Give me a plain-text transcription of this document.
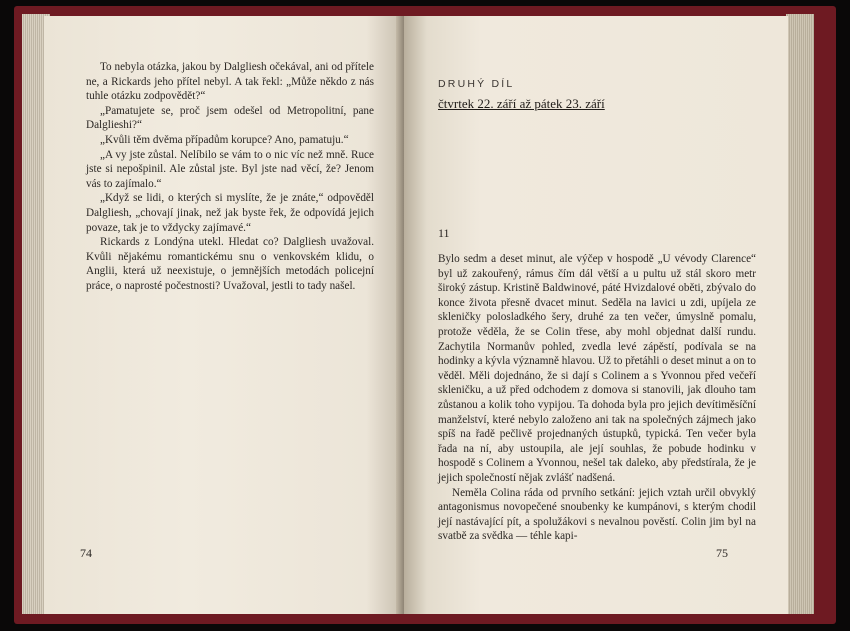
To nebyla otázka, jakou by Dalgliesh očekával, ani od přítele ne, a Rickards jeho přítel nebyl. A tak řekl: „Může někdo z nás tuhle otázku zodpovědět?“

„Pamatujete se, proč jsem odešel od Metropolitní, pane Dalglieshi?“

„Kvůli těm dvěma případům korupce? Ano, pamatuju.“

„A vy jste zůstal. Nelíbilo se vám to o nic víc než mně. Ruce jste si nepošpinil. Ale zůstal jste. Byl jste nad věcí, že? Jenom vás to zajímalo.“

„Když se lidi, o kterých si myslíte, že je znáte,“ odpověděl Dalgliesh, „chovají jinak, než jak byste řek, že odpovídá jejich povaze, tak je to vždycky zajímavé.“

Rickards z Londýna utekl. Hledat co? Dalgliesh uvažoval. Kvůli nějakému romantickému snu o venkovském klidu, o Anglii, která už neexistuje, o jemnějších metodách policejní práce, o naprosté počestnosti? Uvažoval, jestli to tady našel.

74

DRUHÝ DÍL

čtvrtek 22. září až pátek 23. září

11

Bylo sedm a deset minut, ale výčep v hospodě „U vévody Clarence“ byl už zakouřený, rámus čím dál větší a u pultu už stál skoro metr široký zástup. Kristině Baldwinové, páté Hvizdalové oběti, zbývalo do konce života přesně dvacet minut. Seděla na lavici u zdi, upíjela ze skleničky polosladkého šery, druhé za ten večer, úmyslně pomalu, protože věděla, že se Colin třese, aby mohl objednat další rundu. Zachytila Normanův pohled, zvedla levé zápěstí, podívala se na hodinky a kývla významně hlavou. Už to přetáhli o deset minut a on to věděl. Měli dojednáno, že si dají s Colinem a s Yvonnou před večeří skleničku, a už před odchodem z domova si stanovili, jak dlouho tam zůstanou a kolik toho vypijou. Ta dohoda byla pro jejich devítiměsíční manželství, které nebylo založeno ani tak na společných zájmech jako spíš na řadě pečlivě projednaných ústupků, typická. Ten večer byla řada na ní, aby ustoupila, ale její souhlas, že pobude hodinku v hospodě s Colinem a Yvonnou, nešel tak daleko, aby předstírala, že je jejich společností nějak zvlášť nadšená.

Neměla Colina ráda od prvního setkání: jejich vztah určil obvyklý antagonismus novopečené snoubenky ke kumpánovi, s kterým chodil její nastávající pít, a spolužákovi s nevalnou pověstí. Colin jim byl na svatbě za svědka — téhle kapi-

75
